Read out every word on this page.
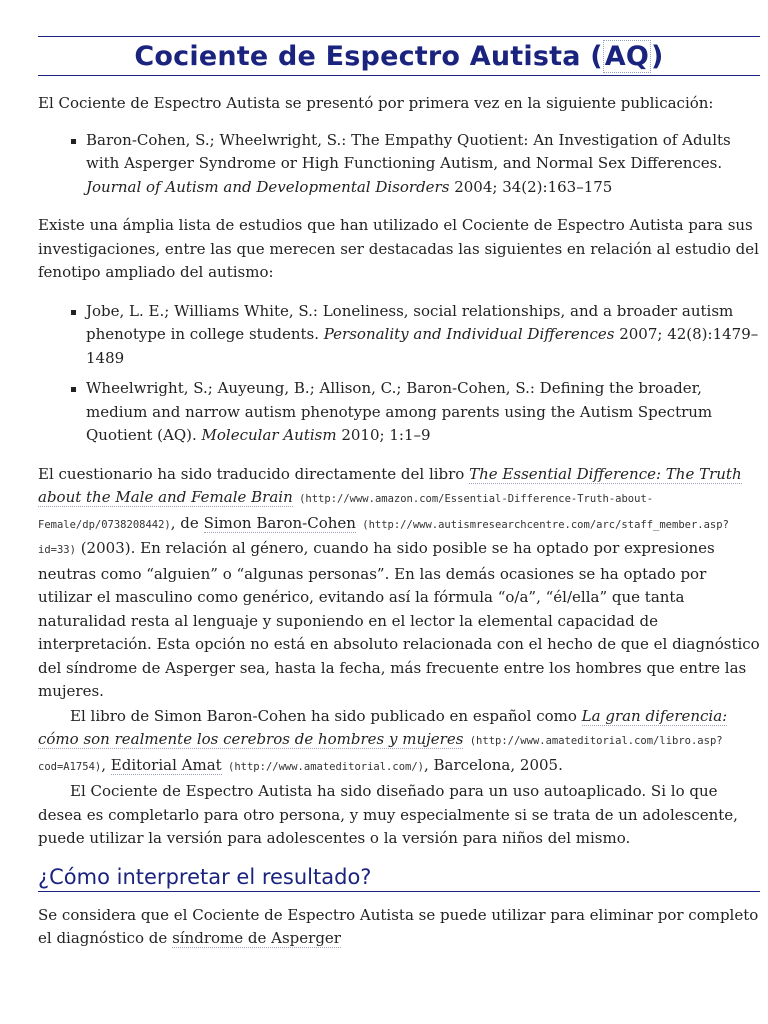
Cociente de Espectro Autista (AQ)

El Cociente de Espectro Autista se presentó por primera vez en la siguiente publicación:

Baron-Cohen, S.; Wheelwright, S.: The Empathy Quotient: An Investigation of Adults with Asperger Syndrome or High Functioning Autism, and Normal Sex Differences. Journal of Autism and Developmental Disorders 2004; 34(2):163–175

Existe una ámplia lista de estudios que han utilizado el Cociente de Espectro Autista para sus investigaciones, entre las que merecen ser destacadas las siguientes en relación al estudio del fenotipo ampliado del autismo:

Jobe, L. E.; Williams White, S.: Loneliness, social relationships, and a broader autism phenotype in college students. Personality and Individual Differences 2007; 42(8):1479–1489
Wheelwright, S.; Auyeung, B.; Allison, C.; Baron-Cohen, S.: Defining the broader, medium and narrow autism phenotype among parents using the Autism Spectrum Quotient (AQ). Molecular Autism 2010; 1:1–9

El cuestionario ha sido traducido directamente del libro The Essential Difference: The Truth about the Male and Female Brain (http://www.amazon.com/Essential-Difference-Truth-about-Female/dp/0738208442), de Simon Baron-Cohen (http://www.autismresearchcentre.com/arc/staff_member.asp?id=33) (2003). En relación al género, cuando ha sido posible se ha optado por expresiones neutras como “alguien” o “algunas personas”. En las demás ocasiones se ha optado por utilizar el masculino como genérico, evitando así la fórmula “o/a”, “él/ella” que tanta naturalidad resta al lenguaje y suponiendo en el lector la elemental capacidad de interpretación. Esta opción no está en absoluto relacionada con el hecho de que el diagnóstico del síndrome de Asperger sea, hasta la fecha, más frecuente entre los hombres que entre las mujeres.

El libro de Simon Baron-Cohen ha sido publicado en español como La gran diferencia: cómo son realmente los cerebros de hombres y mujeres (http://www.amateditorial.com/libro.asp?cod=A1754), Editorial Amat (http://www.amateditorial.com/), Barcelona, 2005.

El Cociente de Espectro Autista ha sido diseñado para un uso autoaplicado. Si lo que desea es completarlo para otro persona, y muy especialmente si se trata de un adolescente, puede utilizar la versión para adolescentes o la versión para niños del mismo.

¿Cómo interpretar el resultado?

Se considera que el Cociente de Espectro Autista se puede utilizar para eliminar por completo el diagnóstico de síndrome de Asperger
